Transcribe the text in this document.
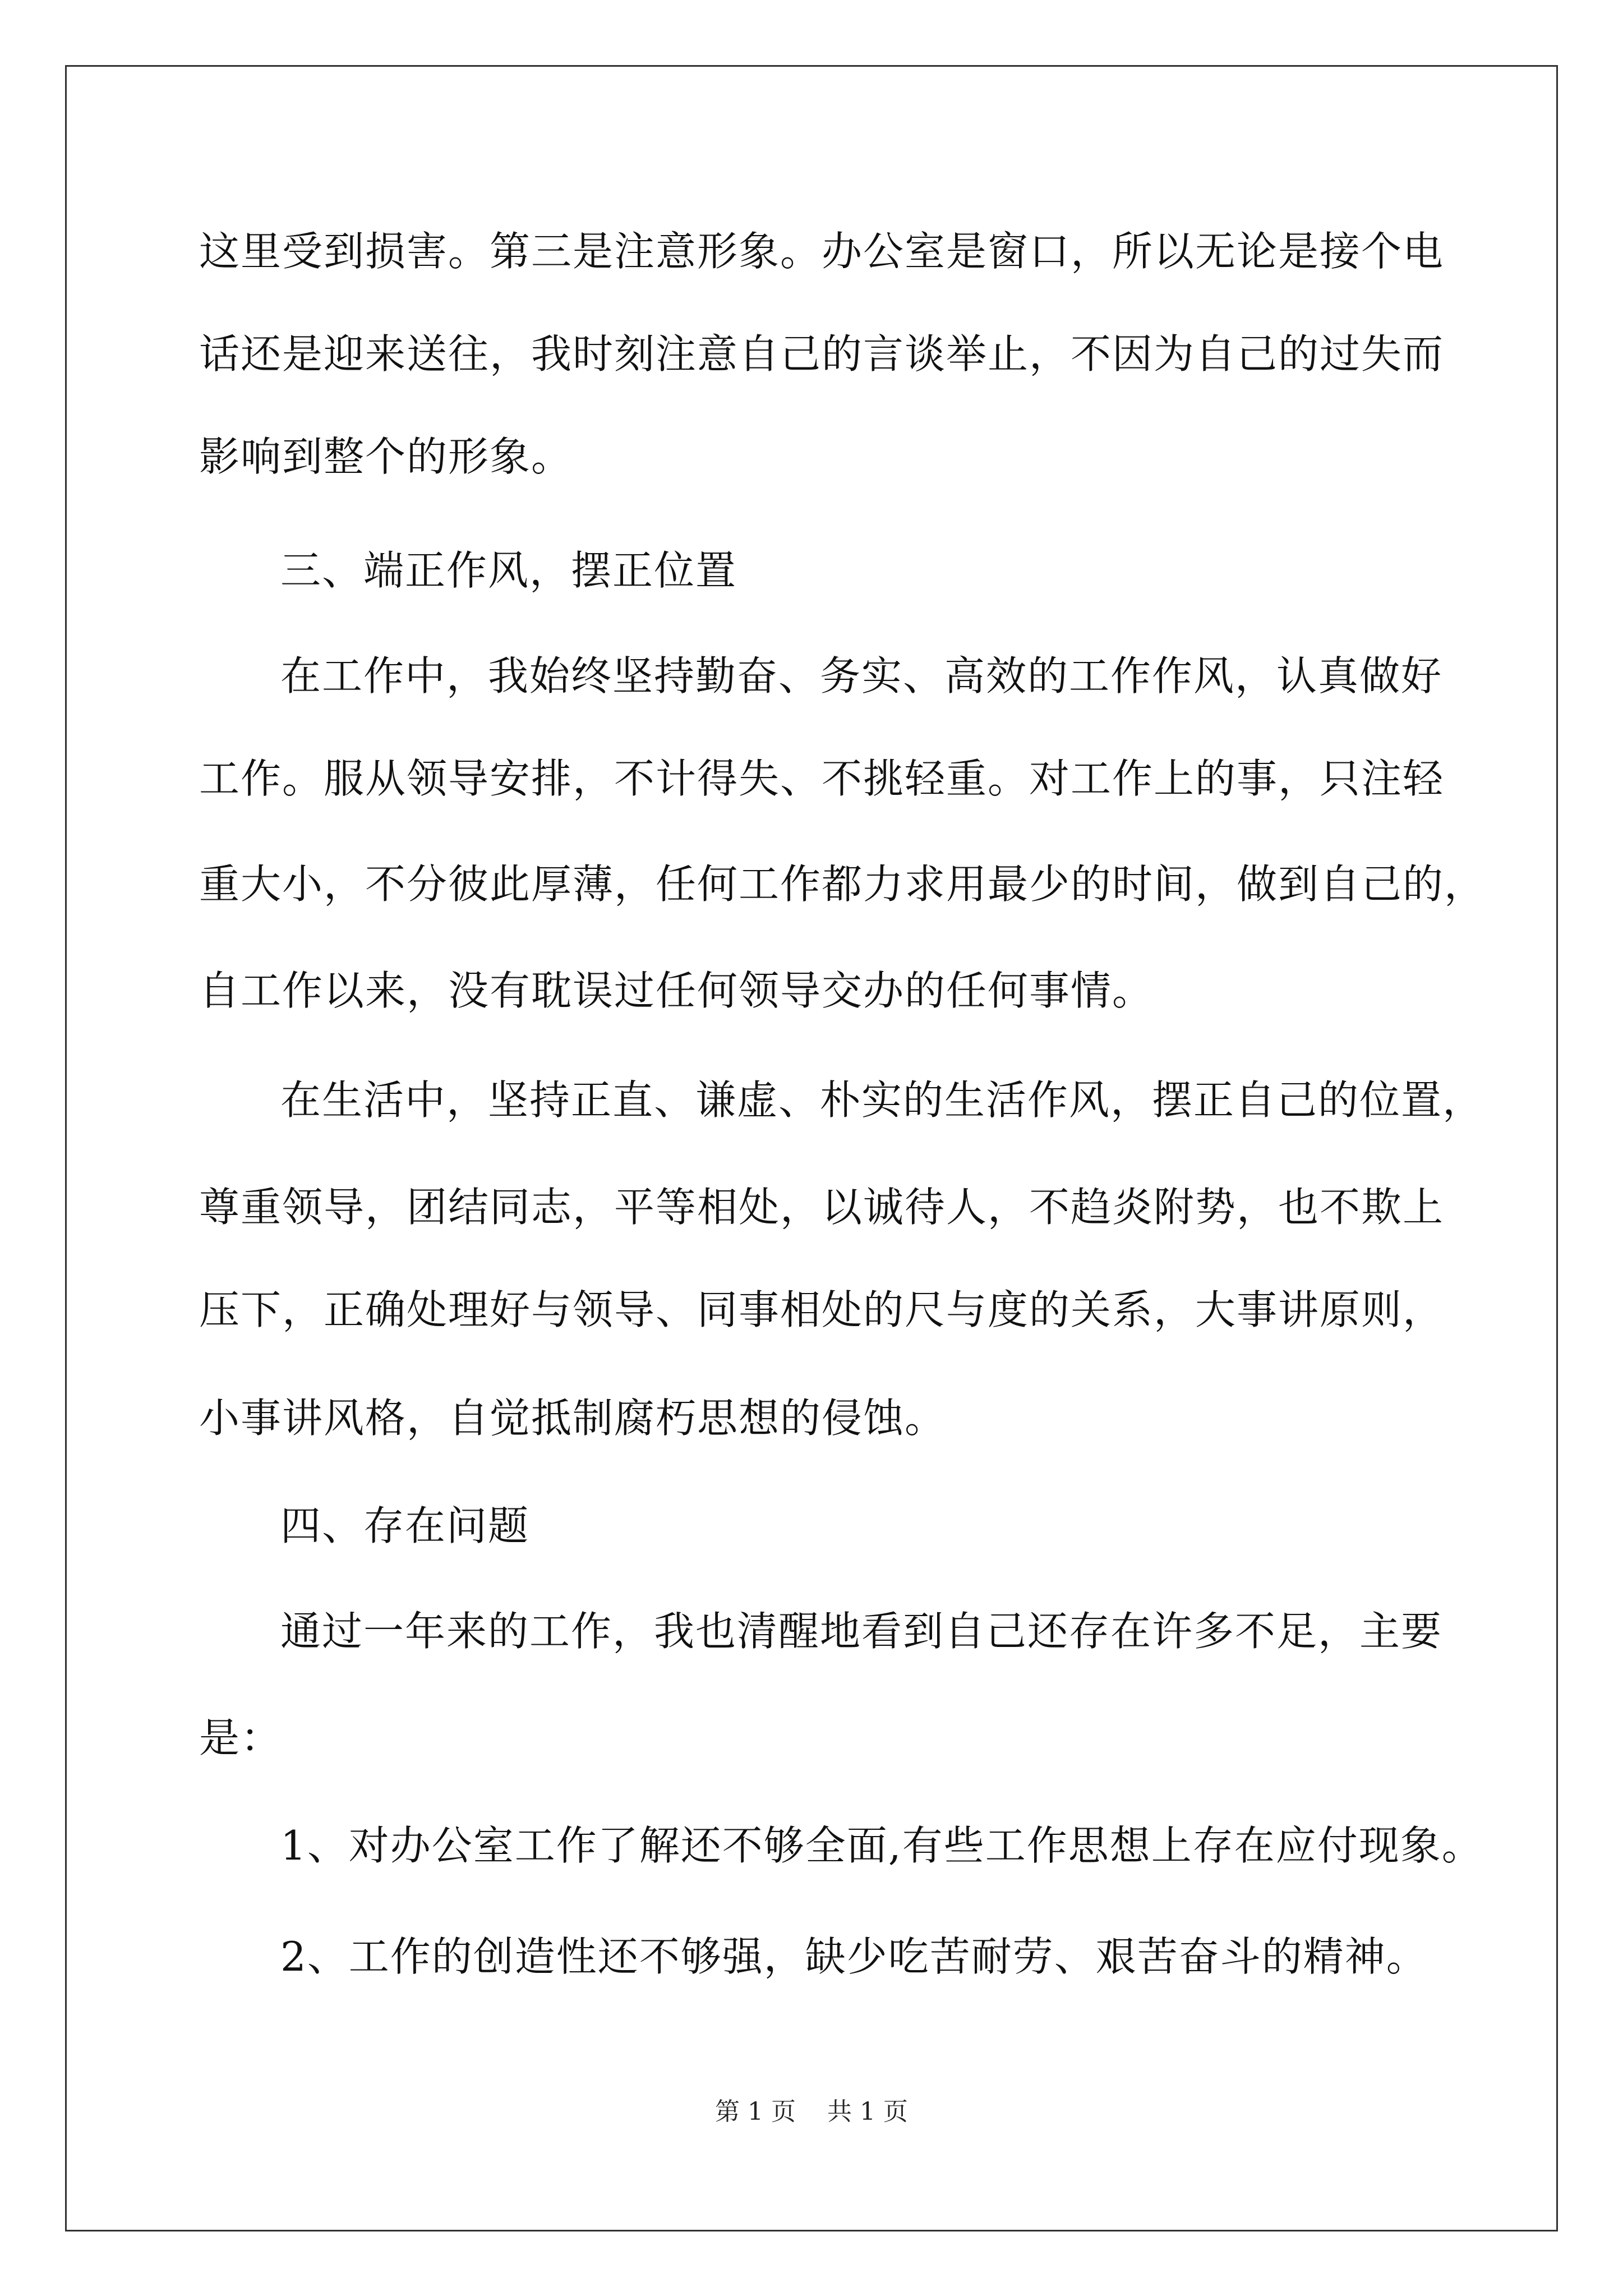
这里受到损害。第三是注意形象。办公室是窗口，所以无论是接个电
话还是迎来送往，我时刻注意自己的言谈举止，不因为自己的过失而
影响到整个的形象。
三、端正作风，摆正位置
在工作中，我始终坚持勤奋、务实、高效的工作作风，认真做好
工作。服从领导安排，不计得失、不挑轻重。对工作上的事，只注轻
重大小，不分彼此厚薄，任何工作都力求用最少的时间，做到自己的，
自工作以来，没有耽误过任何领导交办的任何事情。
在生活中，坚持正直、谦虚、朴实的生活作风，摆正自己的位置，
尊重领导，团结同志，平等相处，以诚待人，不趋炎附势，也不欺上
压下，正确处理好与领导、同事相处的尺与度的关系，大事讲原则，
小事讲风格，自觉抵制腐朽思想的侵蚀。
四、存在问题
通过一年来的工作，我也清醒地看到自己还存在许多不足，主要
是：
1、对办公室工作了解还不够全面,有些工作思想上存在应付现象。
2、工作的创造性还不够强，缺少吃苦耐劳、艰苦奋斗的精神。
第 1 页    共 1 页
